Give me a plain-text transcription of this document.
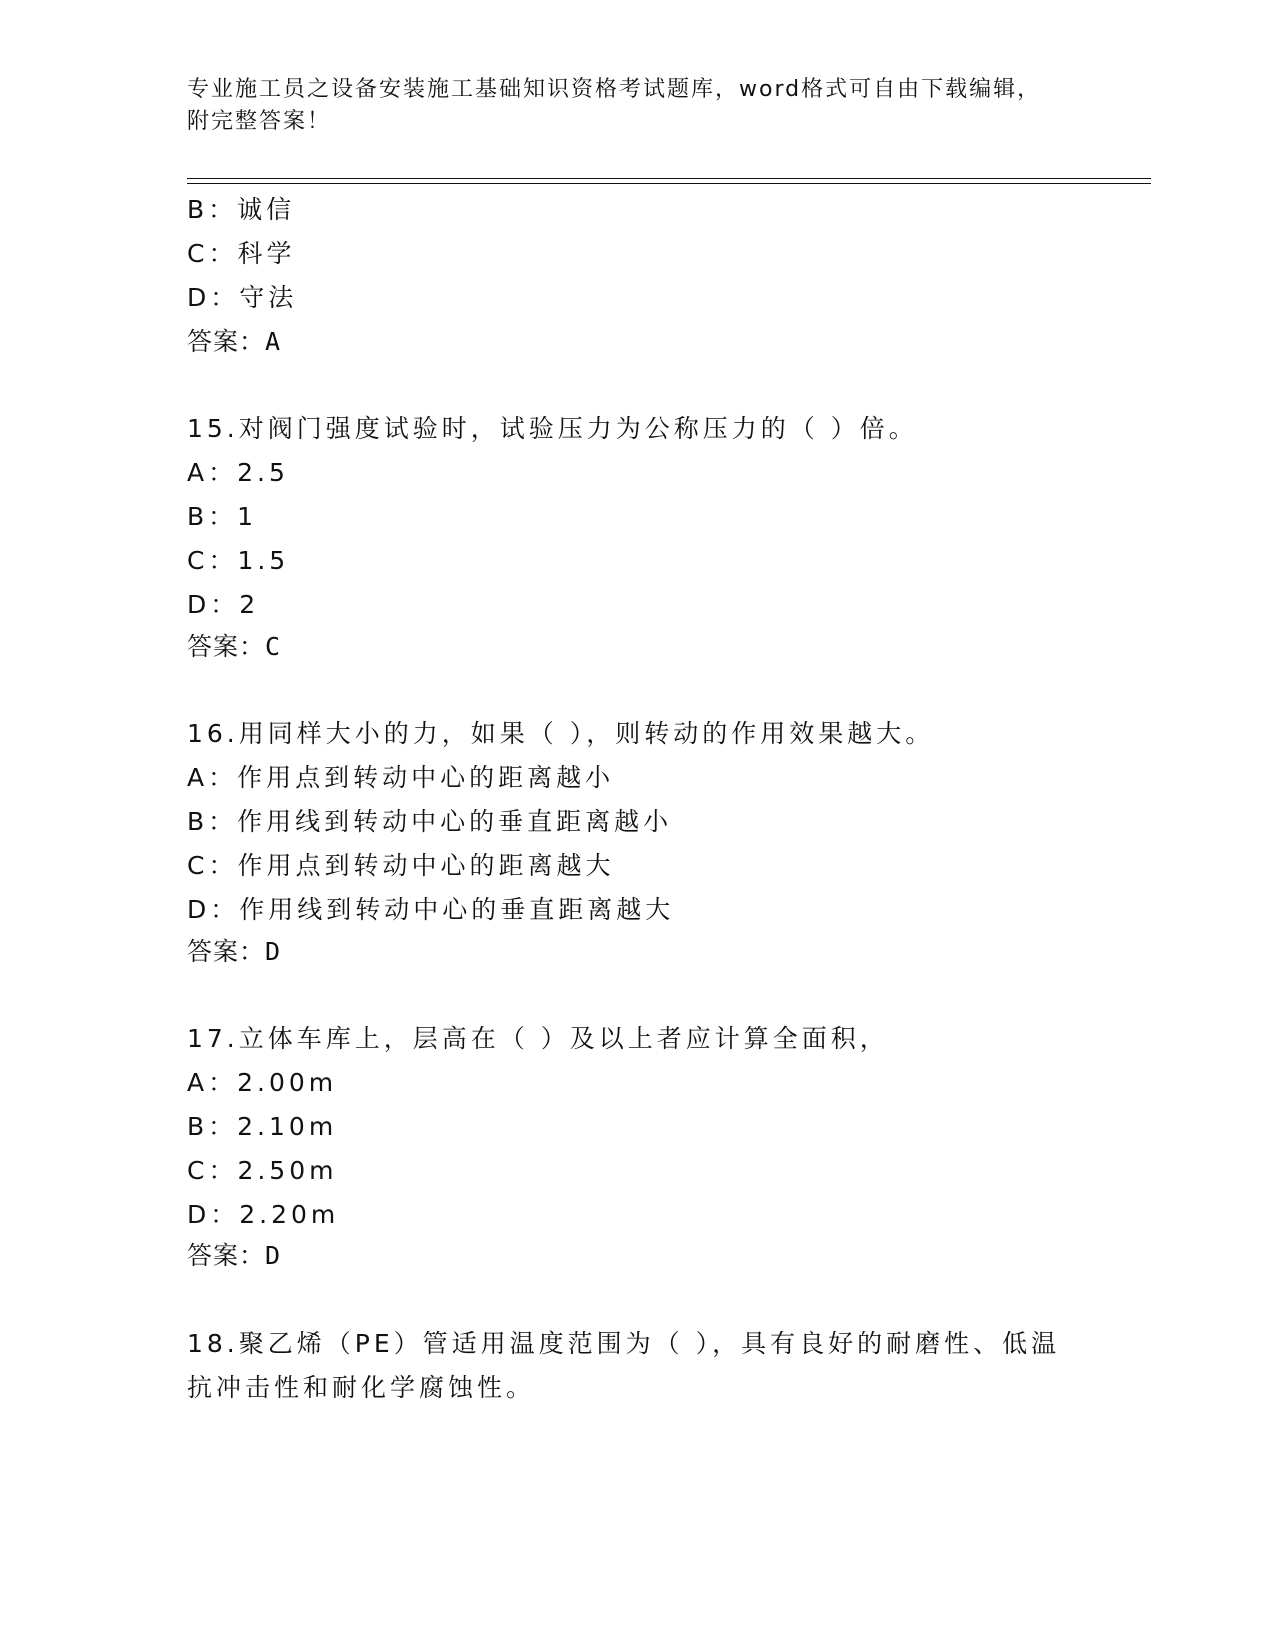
专业施工员之设备安装施工基础知识资格考试题库，word格式可自由下载编辑，
附完整答案！
B：诚信
C：科学
D：守法
答案：A
15.对阀门强度试验时，试验压力为公称压力的（ ）倍。
A：2.5
B：1
C：1.5
D：2
答案：C
16.用同样大小的力，如果（ ），则转动的作用效果越大。
A：作用点到转动中心的距离越小
B：作用线到转动中心的垂直距离越小
C：作用点到转动中心的距离越大
D：作用线到转动中心的垂直距离越大
答案：D
17.立体车库上，层高在（ ）及以上者应计算全面积，
A：2.00m
B：2.10m
C：2.50m
D：2.20m
答案：D
18.聚乙烯（PE）管适用温度范围为（ ），具有良好的耐磨性、低温
抗冲击性和耐化学腐蚀性。
